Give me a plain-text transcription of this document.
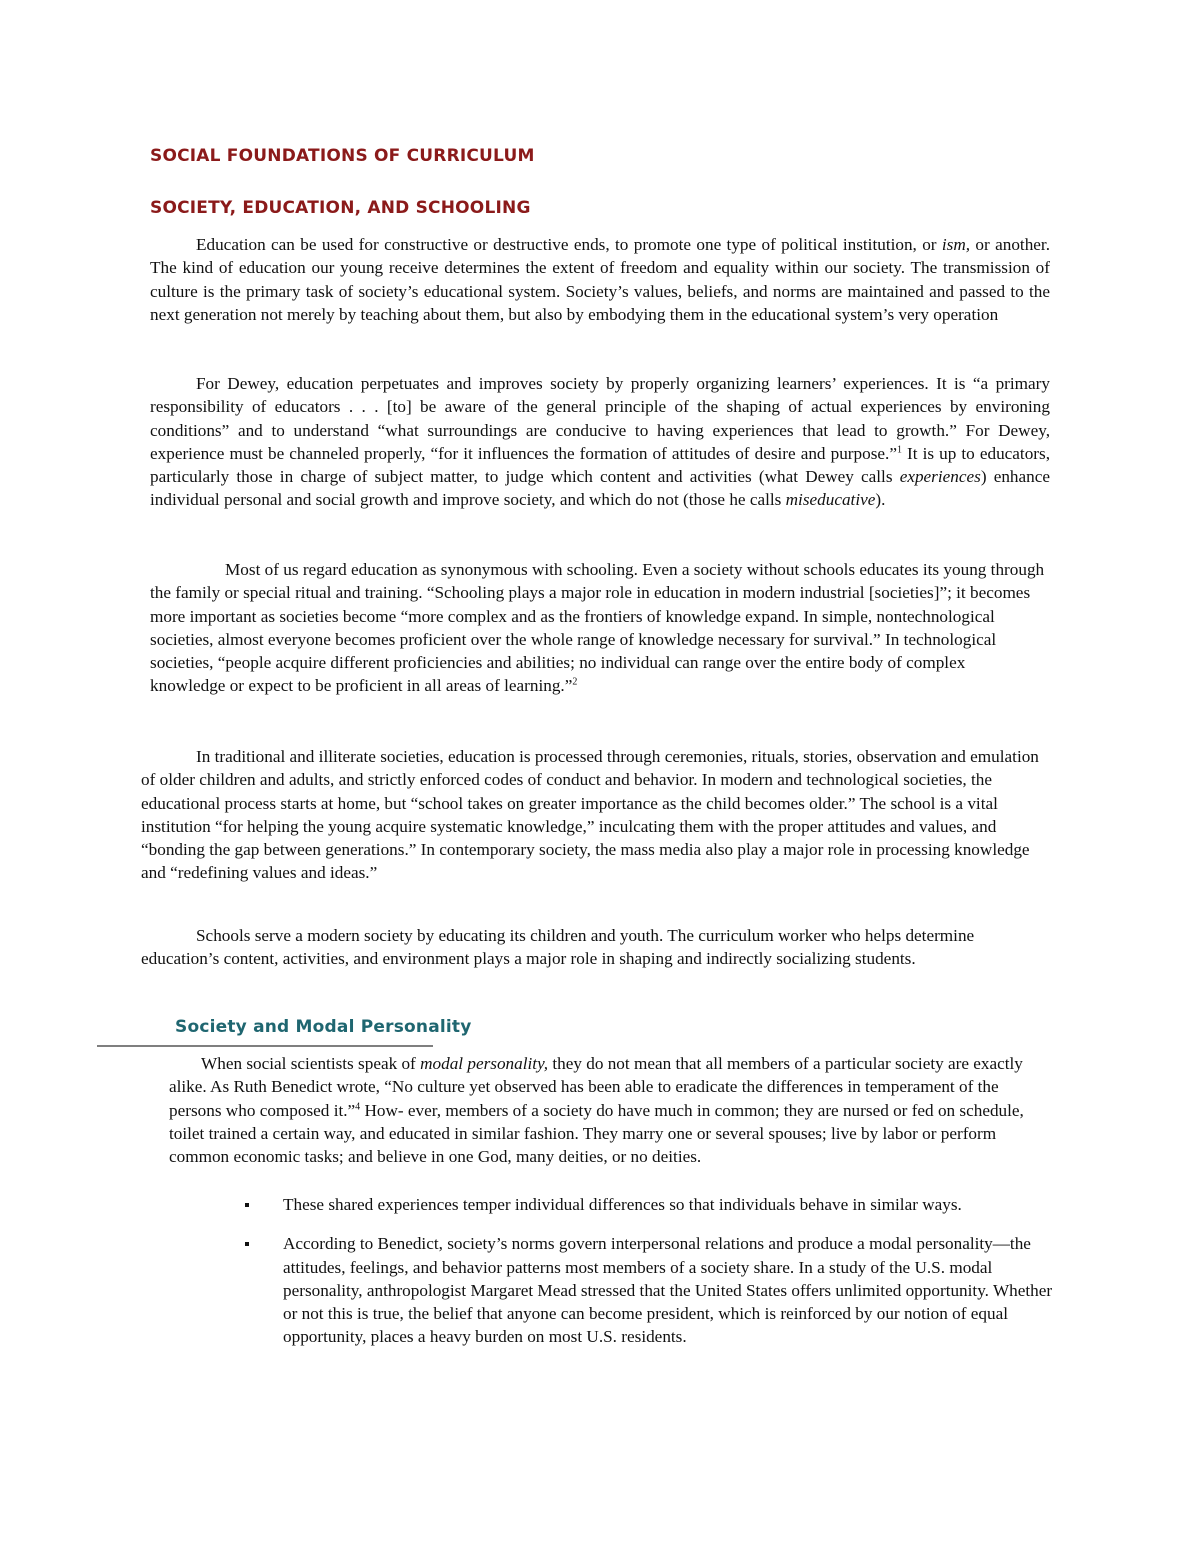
SOCIAL FOUNDATIONS OF CURRICULUM
SOCIETY, EDUCATION, AND SCHOOLING

Education can be used for constructive or destructive ends, to promote one type of political institution, or ism, or another. The kind of education our young receive determines the extent of freedom and equality within our society. The transmission of culture is the primary task of society’s educational system. Society’s values, beliefs, and norms are maintained and passed to the next generation not merely by teaching about them, but also by embodying them in the educational system’s very operation

For Dewey, education perpetuates and improves society by properly organizing learners’ experiences. It is “a primary responsibility of educators . . . [to] be aware of the general principle of the shaping of actual experiences by environing conditions” and to understand “what surroundings are conducive to having experiences that lead to growth.” For Dewey, experience must be channeled properly, “for it influences the formation of attitudes of desire and purpose.”$^1$ It is up to educators, particularly those in charge of subject matter, to judge which content and activities (what Dewey calls experiences) enhance individual personal and social growth and improve society, and which do not (those he calls miseducative).

Most of us regard education as synonymous with schooling. Even a society without schools educates its young through the family or special ritual and training. “Schooling plays a major role in education in modern industrial [societies]”; it becomes more important as societies become “more complex and as the frontiers of knowledge expand. In simple, nontechnological societies, almost everyone becomes proficient over the whole range of knowledge necessary for survival.” In technological societies, “people acquire different proficiencies and abilities; no individual can range over the entire body of complex knowledge or expect to be proficient in all areas of learning.”$^2$

In traditional and illiterate societies, education is processed through ceremonies, rituals, stories, observation and emulation of older children and adults, and strictly enforced codes of conduct and behavior. In modern and technological societies, the educational process starts at home, but “school takes on greater importance as the child becomes older.” The school is a vital institution “for helping the young acquire systematic knowledge,” inculcating them with the proper attitudes and values, and “bonding the gap between generations.” In contemporary society, the mass media also play a major role in processing knowledge and “redefining values and ideas.”

Schools serve a modern society by educating its children and youth. The curriculum worker who helps determine education’s content, activities, and environment plays a major role in shaping and indirectly socializing students.

Society and Modal Personality

When social scientists speak of modal personality, they do not mean that all members of a particular society are exactly alike. As Ruth Benedict wrote, “No culture yet observed has been able to eradicate the differences in temperament of the persons who composed it.”$^4$ How- ever, members of a society do have much in common; they are nursed or fed on schedule, toilet trained a certain way, and educated in similar fashion. They marry one or several spouses; live by labor or perform common economic tasks; and believe in one God, many deities, or no deities.

These shared experiences temper individual differences so that individuals behave in similar ways.
According to Benedict, society’s norms govern interpersonal relations and produce a modal personality—the attitudes, feelings, and behavior patterns most members of a society share. In a study of the U.S. modal personality, anthropologist Margaret Mead stressed that the United States offers unlimited opportunity. Whether or not this is true, the belief that anyone can become president, which is reinforced by our notion of equal opportunity, places a heavy burden on most U.S. residents.
